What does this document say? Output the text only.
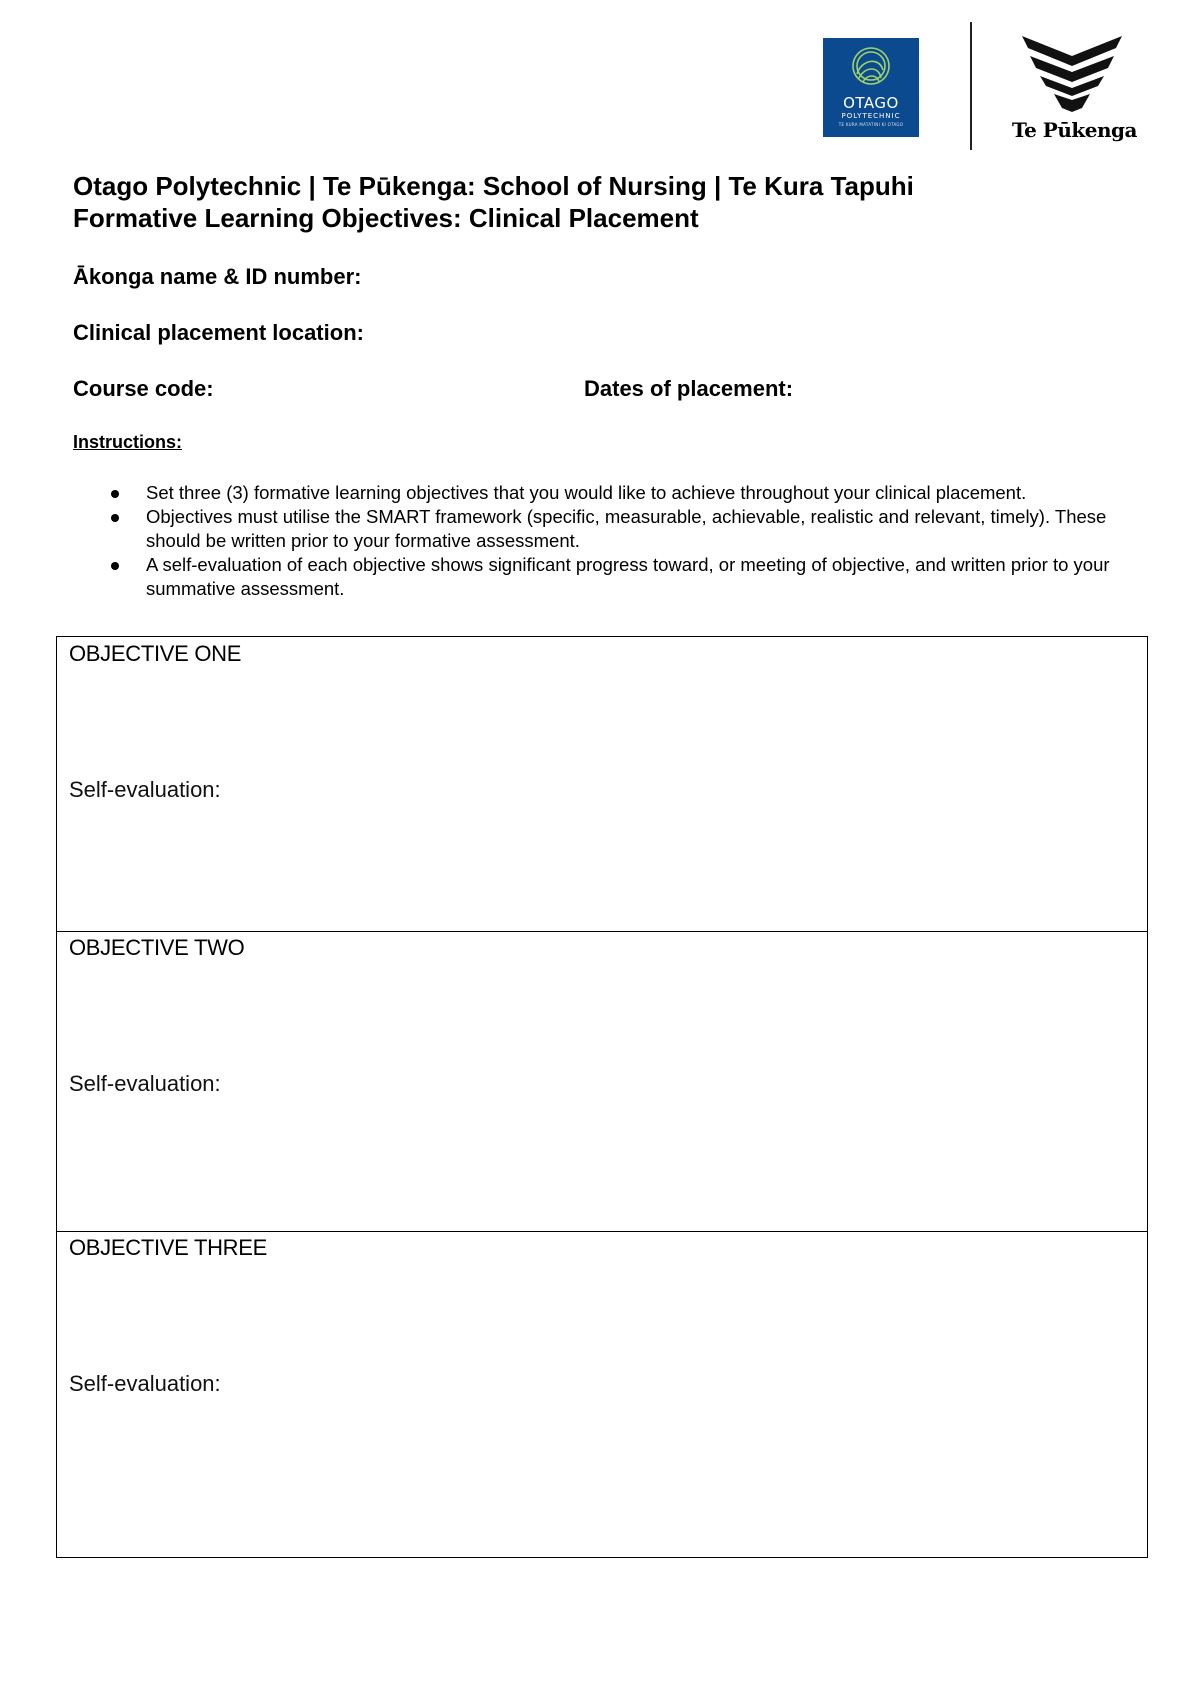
OTAGO
POLYTECHNIC
TE KURA MATATINI KI OTAGO	Te Pūkenga
Otago Polytechnic | Te Pūkenga: School of Nursing | Te Kura Tapuhi
Formative Learning Objectives: Clinical Placement
Ākonga name & ID number:
Clinical placement location:
Course code:	Dates of placement:
Instructions:
Set three (3) formative learning objectives that you would like to achieve throughout your clinical placement.
Objectives must utilise the SMART framework (specific, measurable, achievable, realistic and relevant, timely). These should be written prior to your formative assessment.
A self-evaluation of each objective shows significant progress toward, or meeting of objective, and written prior to your summative assessment.
OBJECTIVE ONE
Self-evaluation:
OBJECTIVE TWO
Self-evaluation:
OBJECTIVE THREE
Self-evaluation:
